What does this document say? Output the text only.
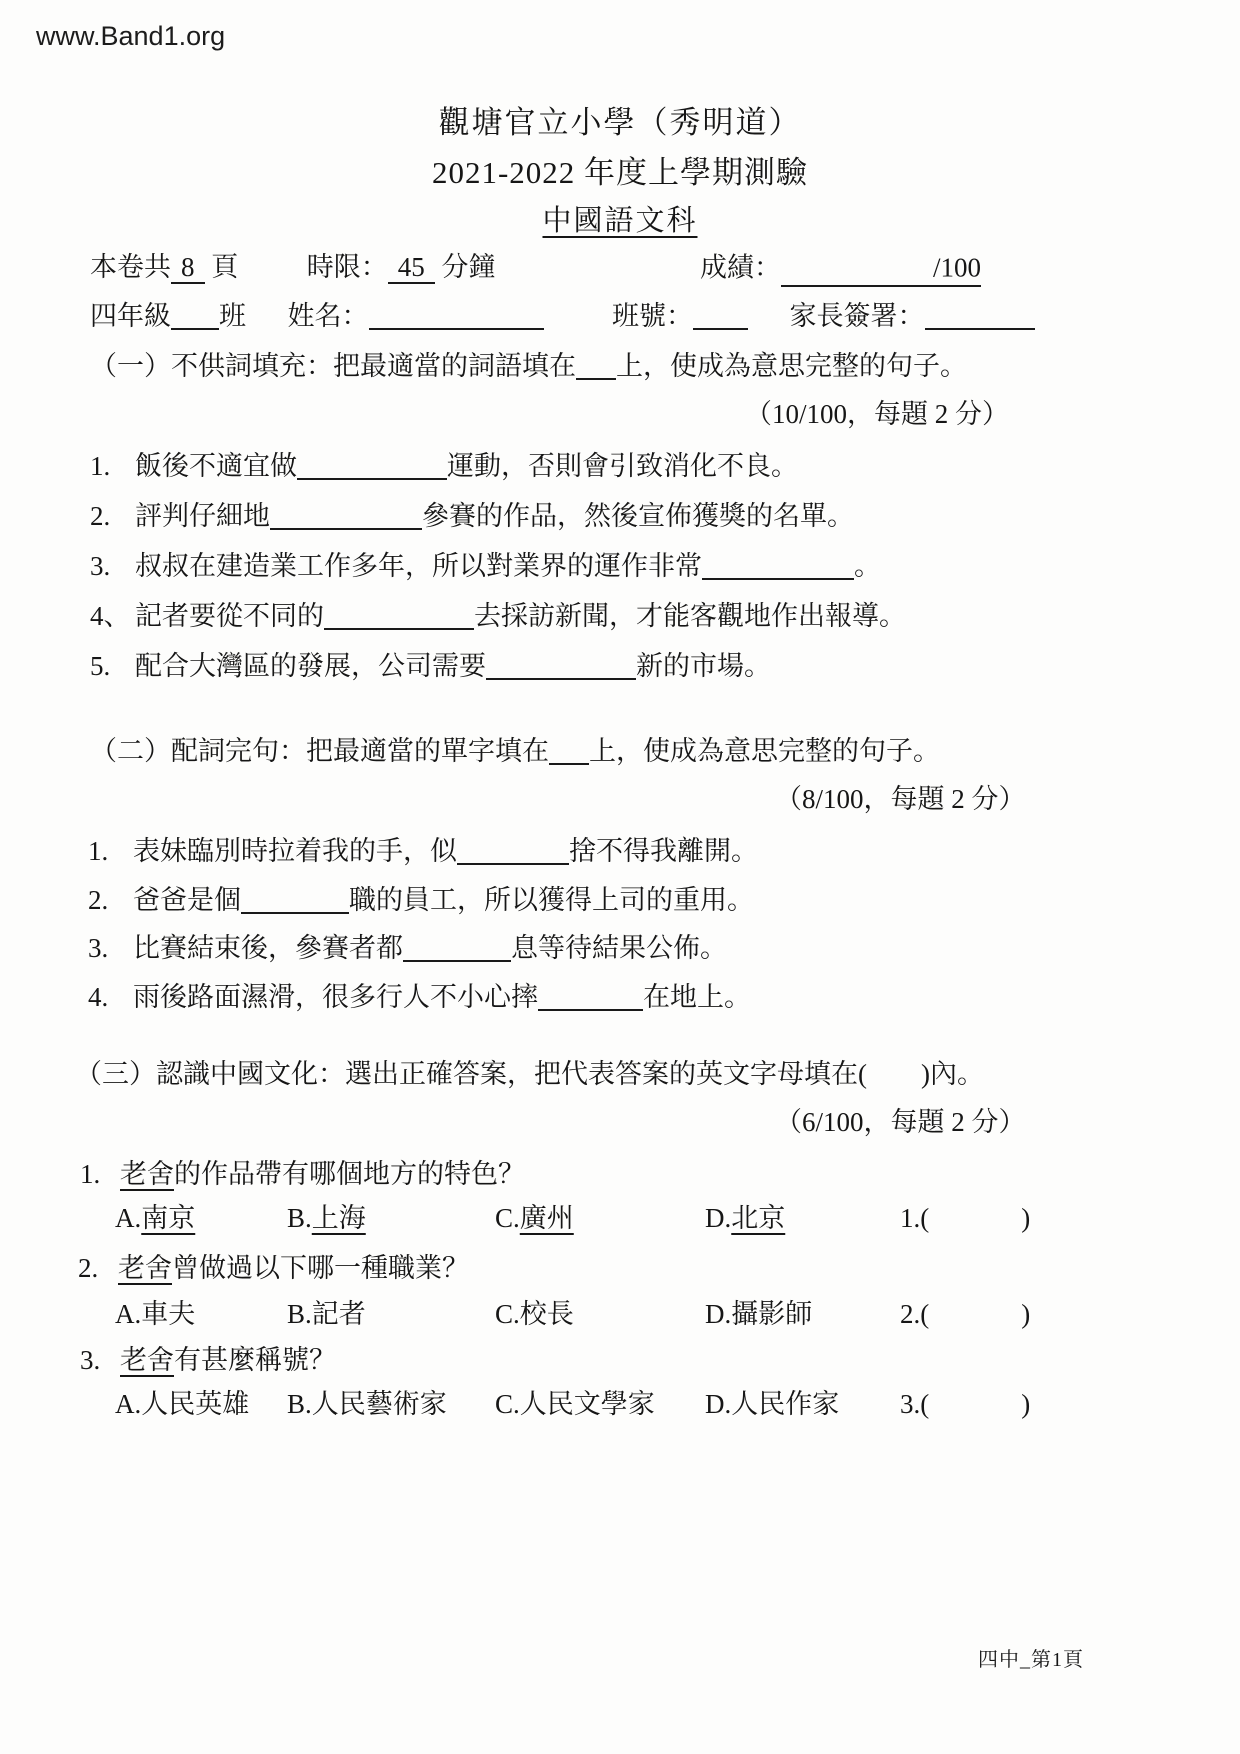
www.Band1.org
觀塘官立小學（秀明道）
2021-2022 年度上學期測驗
中國語文科
本卷共 8 頁	時限： 45 分鐘	成績：	/100
四年級 班 姓名：	班號：	家長簽署：
（一）不供詞填充：把最適當的詞語填在 上，使成為意思完整的句子。
（10/100，每題 2 分）
1. 飯後不適宜做	運動，否則會引致消化不良。
2. 評判仔細地	參賽的作品，然後宣佈獲獎的名單。
3. 叔叔在建造業工作多年，所以對業界的運作非常	。
4、 記者要從不同的	去採訪新聞，才能客觀地作出報導。
5. 配合大灣區的發展，公司需要	新的市場。
（二）配詞完句：把最適當的單字填在 上，使成為意思完整的句子。
（8/100，每題 2 分）
1. 表妹臨別時拉着我的手，似	捨不得我離開。
2. 爸爸是個	職的員工，所以獲得上司的重用。
3. 比賽結束後，參賽者都	息等待結果公佈。
4. 雨後路面濕滑，很多行人不小心摔	在地上。
（三）認識中國文化：選出正確答案，把代表答案的英文字母填在(　　)內。
（6/100，每題 2 分）
1. 老舍的作品帶有哪個地方的特色？
A.南京	B.上海	C.廣州	D.北京	1.(	)
2. 老舍曾做過以下哪一種職業？
A.車夫	B.記者	C.校長	D.攝影師	2.(	)
3. 老舍有甚麼稱號？
A.人民英雄 B.人民藝術家 C.人民文學家 D.人民作家 3.(	)
四中_第1頁
